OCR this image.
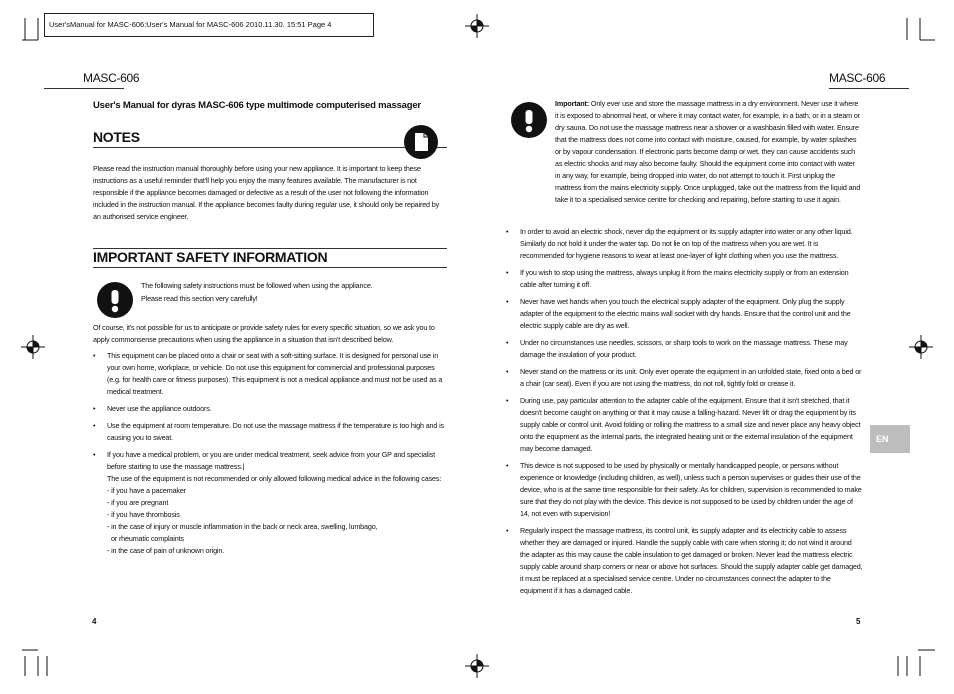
User'sManual for MASC-606:User's Manual for MASC-606 2010.11.30. 15:51 Page 4
MASC-606
User's Manual for dyras MASC-606 type multimode computerised massager
NOTES
Please read the instruction manual thoroughly before using your new appliance. It is important to keep these instructions as a useful reminder that'll help you enjoy the many features available. The manufacturer is not responsible if the appliance becomes damaged or defective as a result of the user not following the information included in the instruction manual. If the appliance becomes faulty during regular use, it should only be repaired by an authorised service engineer.
IMPORTANT SAFETY INFORMATION
The following safety instructions must be followed when using the appliance.
Please read this section very carefully!
Of course, it's not possible for us to anticipate or provide safety rules for every specific situation, so we ask you to apply commonsense precautions when using the appliance in a situation that isn't described below.
• This equipment can be placed onto a chair or seat with a soft-sitting surface. It is designed for personal use in your own home, workplace, or vehicle. Do not use this equipment for commercial and professional purposes (e.g. for health care or fitness purposes). This equipment is not a medical appliance and must not be used as a medical treatment.
• Never use the appliance outdoors.
• Use the equipment at room temperature. Do not use the massage mattress if the temperature is too high and is causing you to sweat.
• If you have a medical problem, or you are under medical treatment, seek advice from your GP and specialist before starting to use the massage mattress.|
The use of the equipment is not recommended or only allowed following medical advice in the following cases:
- if you have a pacemaker
- if you are pregnant
- if you have thrombosis
- in the case of injury or muscle inflammation in the back or neck area, swelling, lumbago,
or rheumatic complaints
- in the case of pain of unknown origin.
4
MASC-606
Important: Only ever use and store the massage mattress in a dry environment. Never use it where it is exposed to abnormal heat, or where it may contact water, for example, in a bath, or in a steam or dry sauna. Do not use the massage mattress near a shower or a washbasin filled with water. Ensure that the mattress does not come into contact with moisture, caused, for example, by water splashes or by vapour condensation. If electronic parts become damp or wet, they can cause accidents such as electric shocks and may also become faulty. Should the equipment come into contact with water in any way, for example, being dropped into water, do not attempt to touch it. First unplug the mattress from the mains electricity supply. Once unplugged, take out the mattress from the liquid and take it to a specialised service centre for checking and repairing, before starting to use it again.
• In order to avoid an electric shock, never dip the equipment or its supply adapter into water or any other liquid. Similarly do not hold it under the water tap. Do not lie on top of the mattress when you are wet. It is recommended for hygiene reasons to wear at least one-layer of light clothing when you use the mattress.
• If you wish to stop using the mattress, always unplug it from the mains electricity supply or from an extension cable after turning it off.
• Never have wet hands when you touch the electrical supply adapter of the equipment. Only plug the supply adapter of the equipment to the electric mains wall socket with dry hands. Ensure that the control unit and the electric supply cable are dry as well.
• Under no circumstances use needles, scissors, or sharp tools to work on the massage mattress. These may damage the insulation of your product.
• Never stand on the mattress or its unit. Only ever operate the equipment in an unfolded state, fixed onto a bed or a chair (car seat). Even if you are not using the mattress, do not roll, tightly fold or crease it.
• During use, pay particular attention to the adapter cable of the equipment. Ensure that it isn't stretched, that it doesn't become caught on anything or that it may cause a falling-hazard. Never lift or drag the equipment by its supply cable or control unit. Avoid folding or rolling the mattress to a small size and never place any heavy object onto the equipment as the internal parts, the integrated heating unit or the external insulation of the equipment may become damaged.
• This device is not supposed to be used by physically or mentally handicapped people, or persons without experience or knowledge (including children, as well), unless such a person supervises or guides their use of the device, who is at the same time responsible for their safety. As for children, supervision is recommended to make sure that they do not play with the device. This device is not supposed to be used by children under the age of 14, not even with supervision!
• Regularly inspect the massage mattress, its control unit, its supply adapter and its electricity cable to assess whether they are damaged or injured. Handle the supply cable with care when storing it; do not wind it around the adapter as this may cause the cable insulation to get damaged or broken. Never lead the mattress electric supply cable around sharp corners or near or above hot surfaces. Should the supply adapter cable get damaged, it must be replaced at a specialised service centre. Under no circumstances connect the adapter to the equipment if it has a damaged cable.
EN
5
